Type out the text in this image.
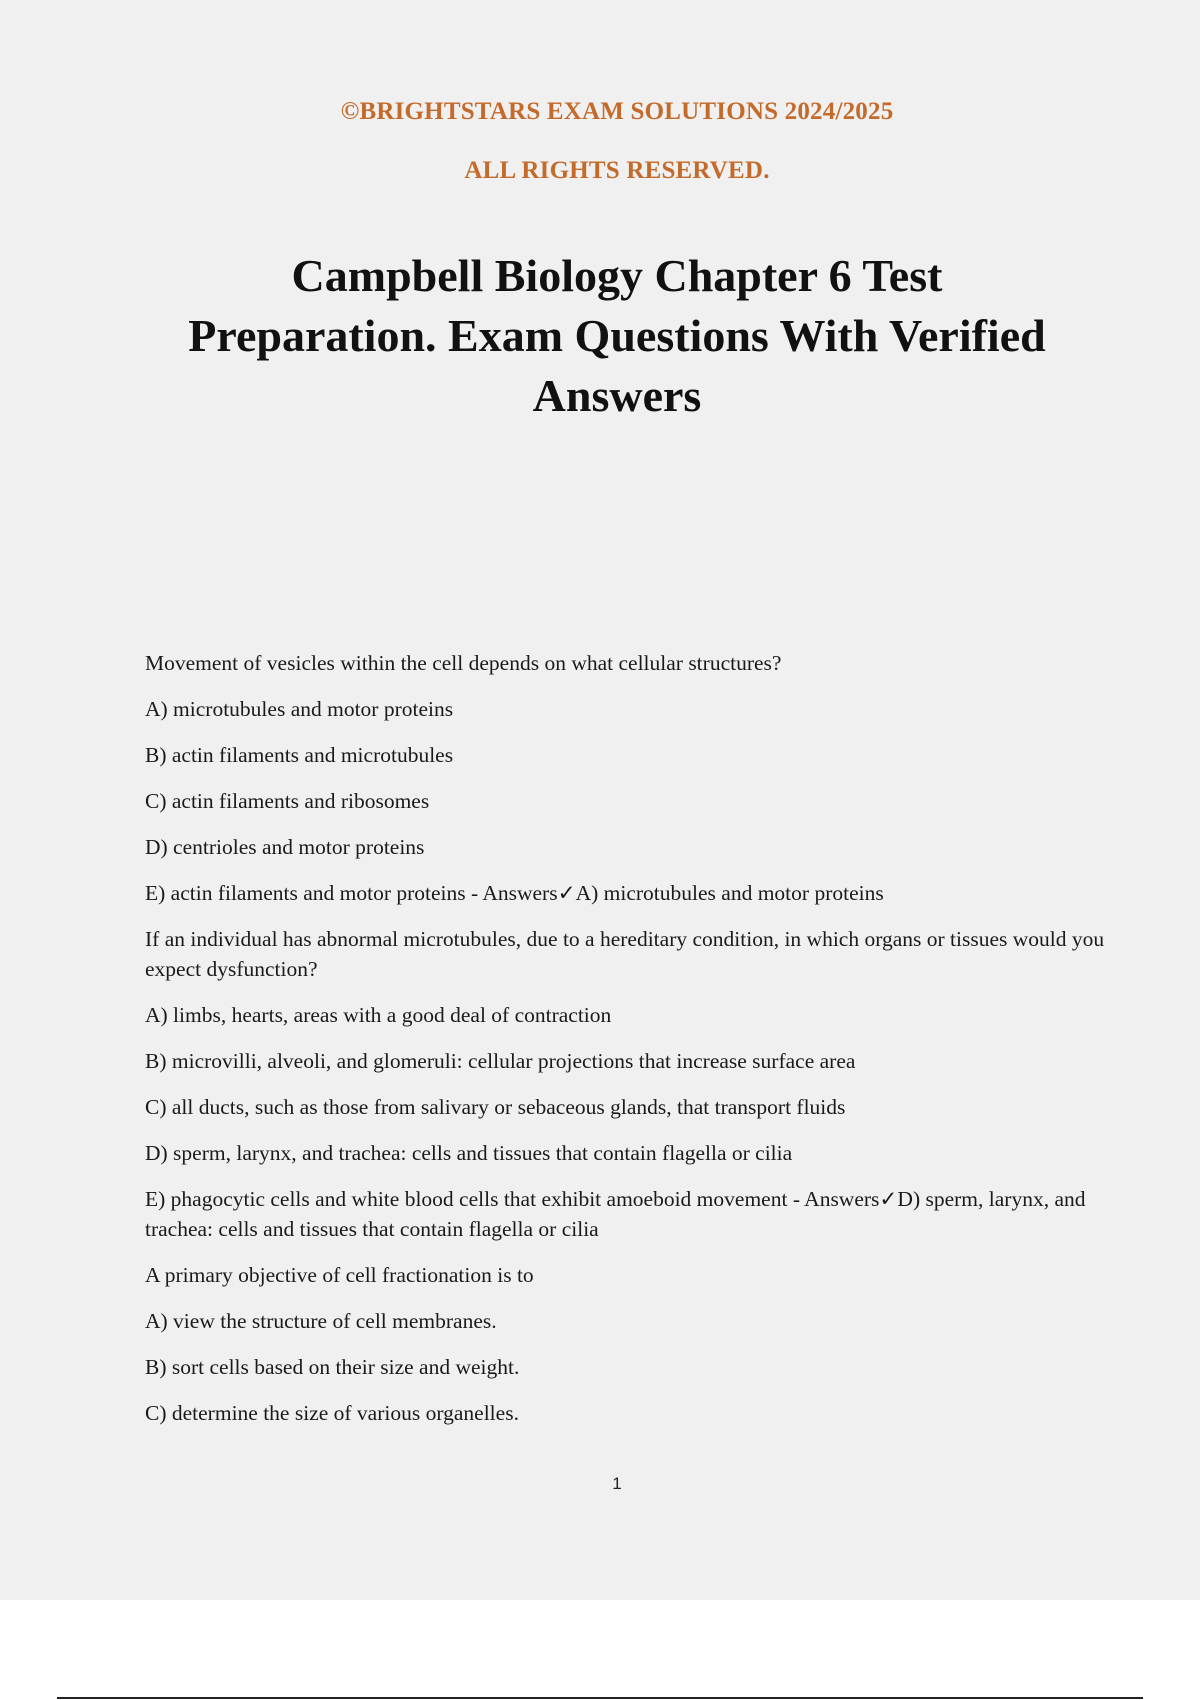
©BRIGHTSTARS EXAM SOLUTIONS 2024/2025
ALL RIGHTS RESERVED.
Campbell Biology Chapter 6 Test
Preparation. Exam Questions With Verified
Answers

Movement of vesicles within the cell depends on what cellular structures?

A) microtubules and motor proteins

B) actin filaments and microtubules

C) actin filaments and ribosomes

D) centrioles and motor proteins

E) actin filaments and motor proteins - Answers✓A) microtubules and motor proteins

If an individual has abnormal microtubules, due to a hereditary condition, in which organs or tissues would you expect dysfunction?

A) limbs, hearts, areas with a good deal of contraction

B) microvilli, alveoli, and glomeruli: cellular projections that increase surface area

C) all ducts, such as those from salivary or sebaceous glands, that transport fluids

D) sperm, larynx, and trachea: cells and tissues that contain flagella or cilia

E) phagocytic cells and white blood cells that exhibit amoeboid movement - Answers✓D) sperm, larynx, and trachea: cells and tissues that contain flagella or cilia

A primary objective of cell fractionation is to

A) view the structure of cell membranes.

B) sort cells based on their size and weight.

C) determine the size of various organelles.

1
